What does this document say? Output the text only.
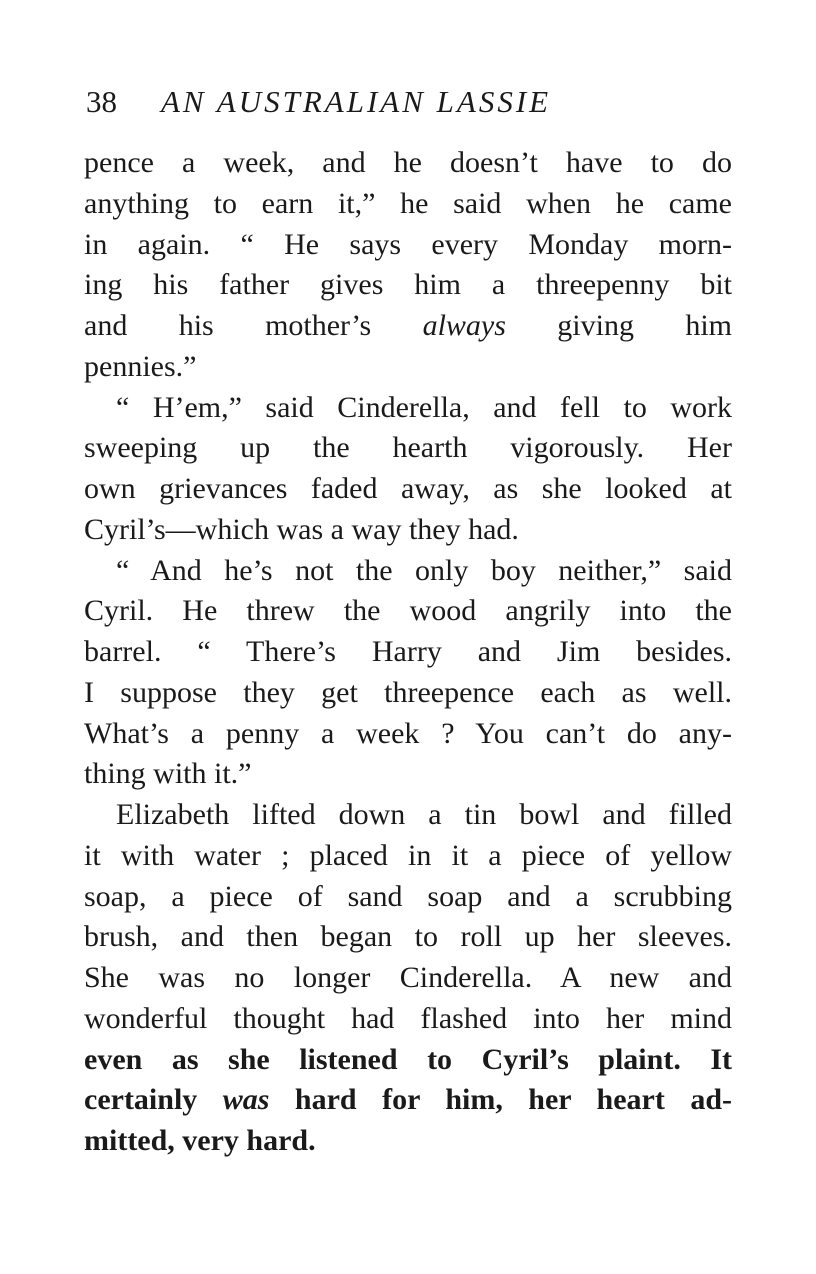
38 AN AUSTRALIAN LASSIE
pence a week, and he doesn’t have to do
anything to earn it,” he said when he came
in again. “ He says every Monday morn-
ing his father gives him a threepenny bit
and his mother’s always giving him
pennies.”
“ H’em,” said Cinderella, and fell to work
sweeping up the hearth vigorously. Her
own grievances faded away, as she looked at
Cyril’s—which was a way they had.
“ And he’s not the only boy neither,” said
Cyril. He threw the wood angrily into the
barrel. “ There’s Harry and Jim besides.
I suppose they get threepence each as well.
What’s a penny a week ? You can’t do any-
thing with it.”
Elizabeth lifted down a tin bowl and filled
it with water ; placed in it a piece of yellow
soap, a piece of sand soap and a scrubbing
brush, and then began to roll up her sleeves.
She was no longer Cinderella. A new and
wonderful thought had flashed into her mind
even as she listened to Cyril’s plaint. It
certainly was hard for him, her heart ad-
mitted, very hard.
